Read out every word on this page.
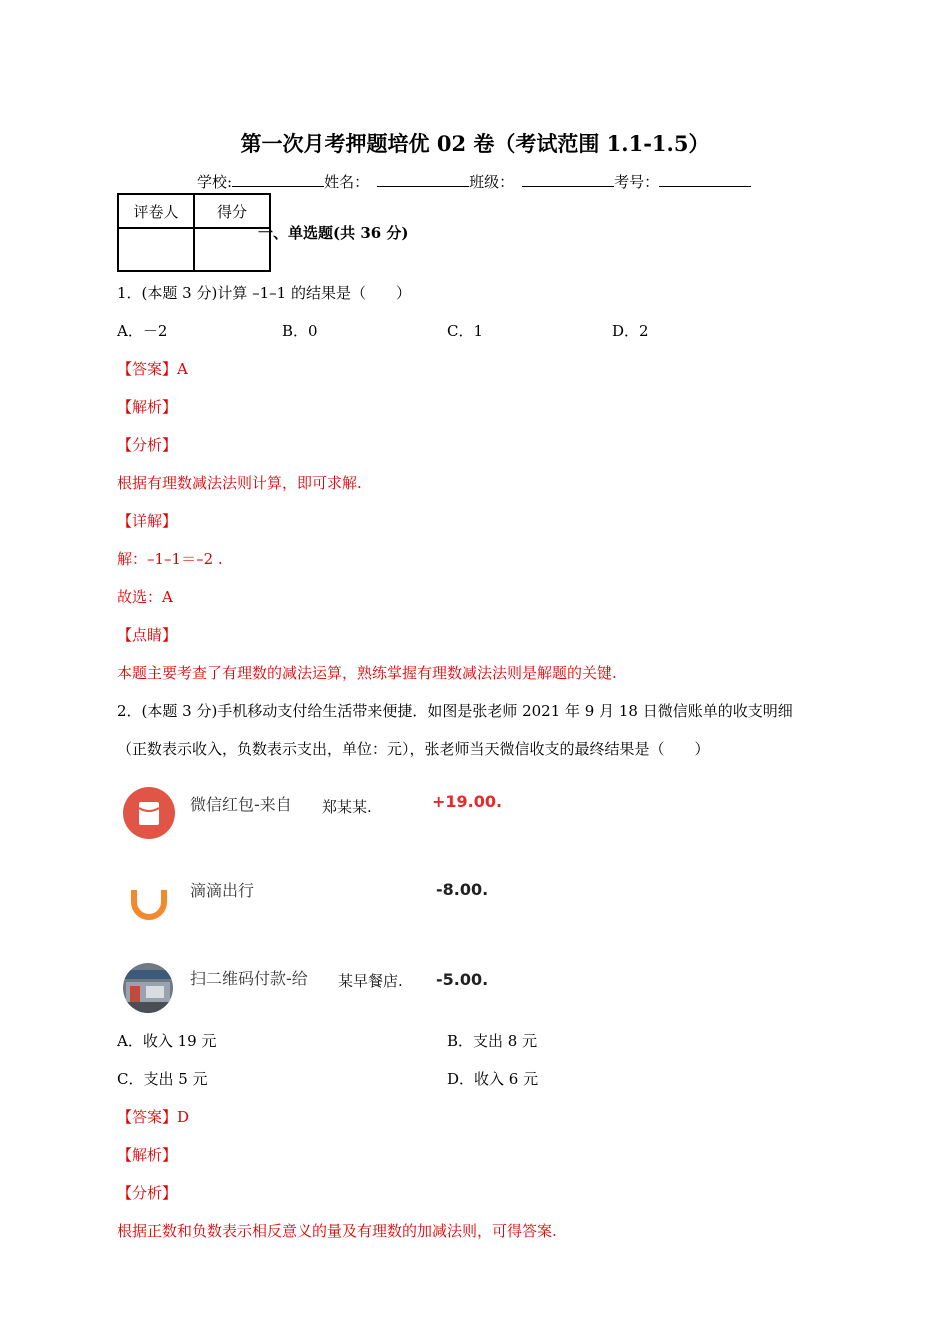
第一次月考押题培优 02 卷（考试范围 1.1-1.5）
学校:	姓名：	班级：	考号：
评卷人	得分

一、单选题(共 36 分)
1．(本题 3 分)计算 –1–1 的结果是（　　）
A．－2	B．0	C．1	D．2
【答案】A
【解析】
【分析】
根据有理数减法法则计算，即可求解.
【详解】
解：–1–1＝–2 .
故选：A
【点睛】
本题主要考查了有理数的减法运算，熟练掌握有理数减法法则是解题的关键.
2．(本题 3 分)手机移动支付给生活带来便捷．如图是张老师 2021 年 9 月 18 日微信账单的收支明细
（正数表示收入，负数表示支出，单位：元），张老师当天微信收支的最终结果是（　　）
微信红包-来自 郑某某.	+19.00.
滴滴出行	-8.00.
扫二维码付款-给 某早餐店. -5.00.
A．收入 19 元	B．支出 8 元
C．支出 5 元	D．收入 6 元
【答案】D
【解析】
【分析】
根据正数和负数表示相反意义的量及有理数的加减法则，可得答案.
